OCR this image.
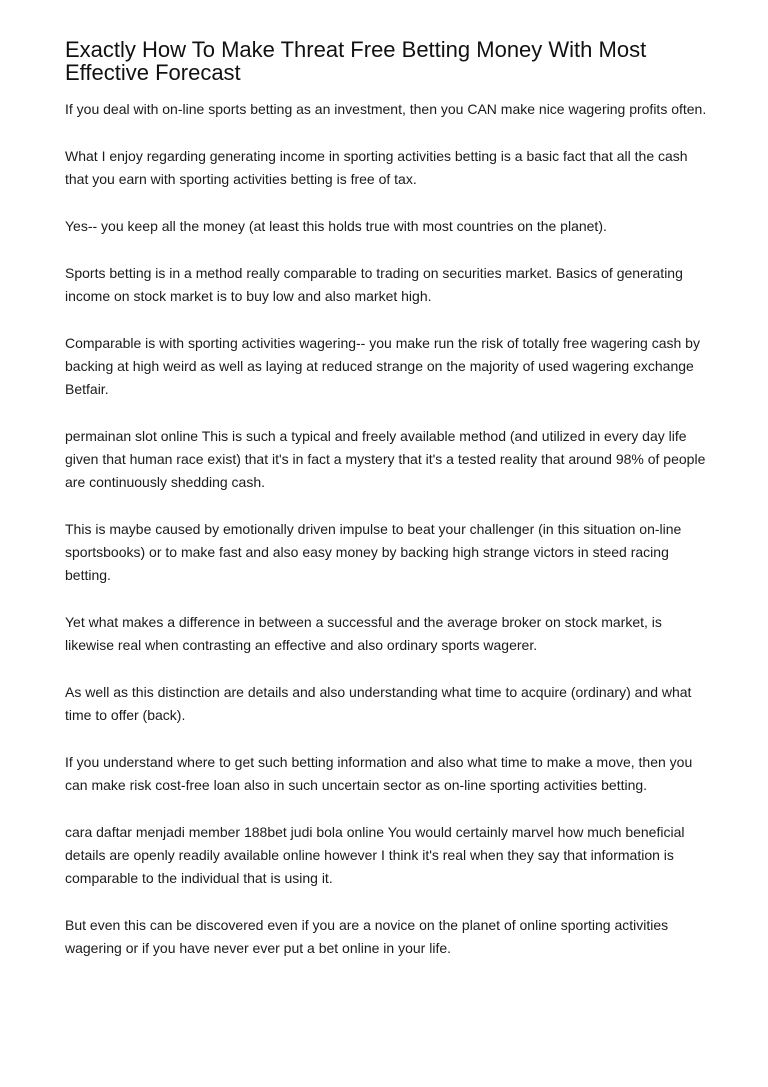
Exactly How To Make Threat Free Betting Money With Most Effective Forecast

If you deal with on-line sports betting as an investment, then you CAN make nice wagering profits often.

What I enjoy regarding generating income in sporting activities betting is a basic fact that all the cash that you earn with sporting activities betting is free of tax.

Yes-- you keep all the money (at least this holds true with most countries on the planet).

Sports betting is in a method really comparable to trading on securities market. Basics of generating income on stock market is to buy low and also market high.

Comparable is with sporting activities wagering-- you make run the risk of totally free wagering cash by backing at high weird as well as laying at reduced strange on the majority of used wagering exchange Betfair.

permainan slot online This is such a typical and freely available method (and utilized in every day life given that human race exist) that it's in fact a mystery that it's a tested reality that around 98% of people are continuously shedding cash.

This is maybe caused by emotionally driven impulse to beat your challenger (in this situation on-line sportsbooks) or to make fast and also easy money by backing high strange victors in steed racing betting.

Yet what makes a difference in between a successful and the average broker on stock market, is likewise real when contrasting an effective and also ordinary sports wagerer.

As well as this distinction are details and also understanding what time to acquire (ordinary) and what time to offer (back).

If you understand where to get such betting information and also what time to make a move, then you can make risk cost-free loan also in such uncertain sector as on-line sporting activities betting.

cara daftar menjadi member 188bet judi bola online You would certainly marvel how much beneficial details are openly readily available online however I think it's real when they say that information is comparable to the individual that is using it.

But even this can be discovered even if you are a novice on the planet of online sporting activities wagering or if you have never ever put a bet online in your life.
